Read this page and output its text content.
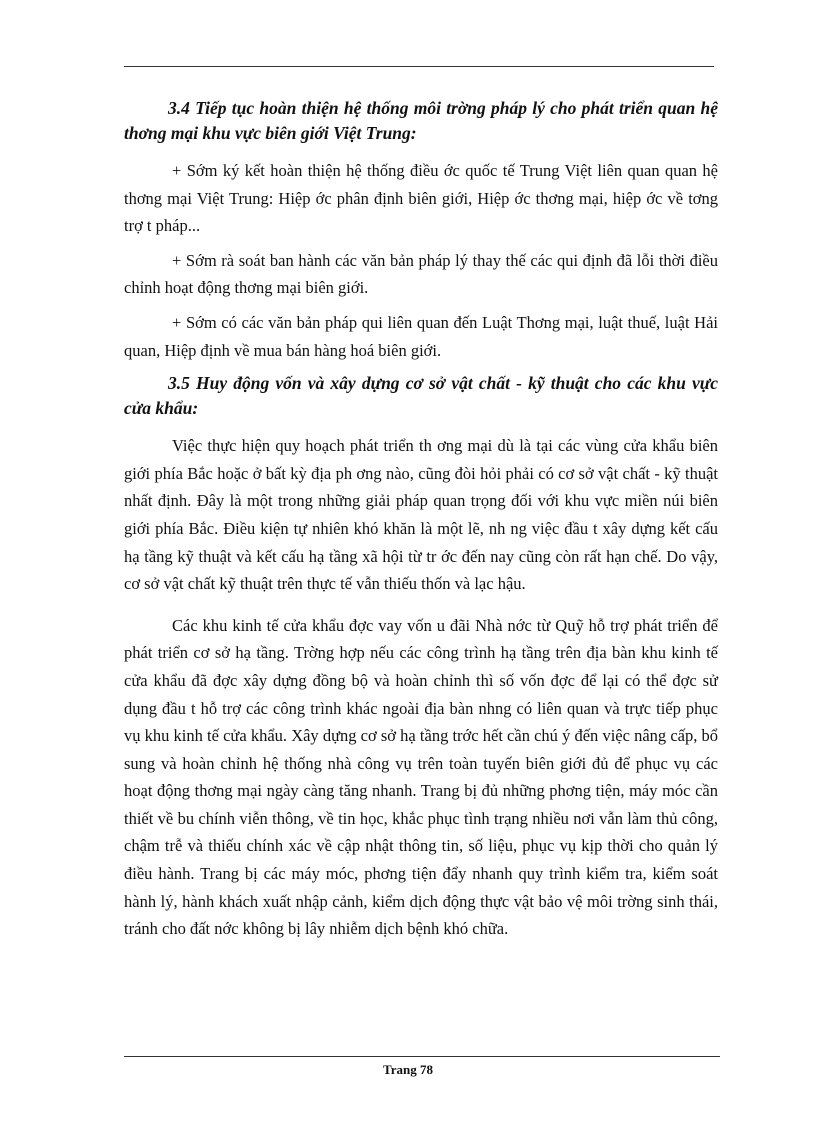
3.4 Tiếp tục hoàn thiện hệ thống môi trờng pháp lý cho phát triển quan hệ thơng mại khu vực biên giới Việt Trung:

+ Sớm ký kết hoàn thiện hệ thống điều ớc quốc tế Trung Việt liên quan quan hệ thơng mại Việt Trung: Hiệp ớc phân định biên giới, Hiệp ớc thơng mại, hiệp ớc về tơng trợ t pháp...

+ Sớm rà soát ban hành các văn bản pháp lý thay thế các qui định đã lỗi thời điều chỉnh hoạt động thơng mại biên giới.

+ Sớm có các văn bản pháp qui liên quan đến Luật Thơng mại, luật thuế, luật Hải quan, Hiệp định về mua bán hàng hoá biên giới.

3.5 Huy động vốn và xây dựng cơ sở vật chất - kỹ thuật cho các khu vực cửa khẩu:

Việc thực hiện quy hoạch phát triển th ơng mại dù là tại các vùng cửa khẩu biên giới phía Bắc hoặc ở bất kỳ địa ph ơng nào, cũng đòi hỏi phải có cơ sở vật chất - kỹ thuật nhất định. Đây là một trong những giải pháp quan trọng đối với khu vực miền núi biên giới phía Bắc. Điều kiện tự nhiên khó khăn là một lẽ, nh ng việc đầu t xây dựng kết cấu hạ tầng kỹ thuật và kết cấu hạ tầng xã hội từ tr ớc đến nay cũng còn rất hạn chế. Do vậy, cơ sở vật chất kỹ thuật trên thực tế vẫn thiếu thốn và lạc hậu.

Các khu kinh tế cửa khẩu đợc vay vốn u đãi Nhà nớc từ Quỹ hỗ trợ phát triển để phát triển cơ sở hạ tầng. Trờng hợp nếu các công trình hạ tầng trên địa bàn khu kinh tế cửa khẩu đã đợc xây dựng đồng bộ và hoàn chỉnh thì số vốn đợc để lại có thể đợc sử dụng đầu t hỗ trợ các công trình khác ngoài địa bàn nhng có liên quan và trực tiếp phục vụ khu kinh tế cửa khẩu. Xây dựng cơ sở hạ tầng trớc hết cần chú ý đến việc nâng cấp, bổ sung và hoàn chỉnh hệ thống nhà công vụ trên toàn tuyến biên giới đủ để phục vụ các hoạt động thơng mại ngày càng tăng nhanh. Trang bị đủ những phơng tiện, máy móc cần thiết về bu chính viễn thông, về tin học, khắc phục tình trạng nhiều nơi vẫn làm thủ công, chậm trễ và thiếu chính xác về cập nhật thông tin, số liệu, phục vụ kịp thời cho quản lý điều hành. Trang bị các máy móc, phơng tiện đẩy nhanh quy trình kiểm tra, kiểm soát hành lý, hành khách xuất nhập cảnh, kiểm dịch động thực vật bảo vệ môi trờng sinh thái, tránh cho đất nớc không bị lây nhiễm dịch bệnh khó chữa.

Trang 78
